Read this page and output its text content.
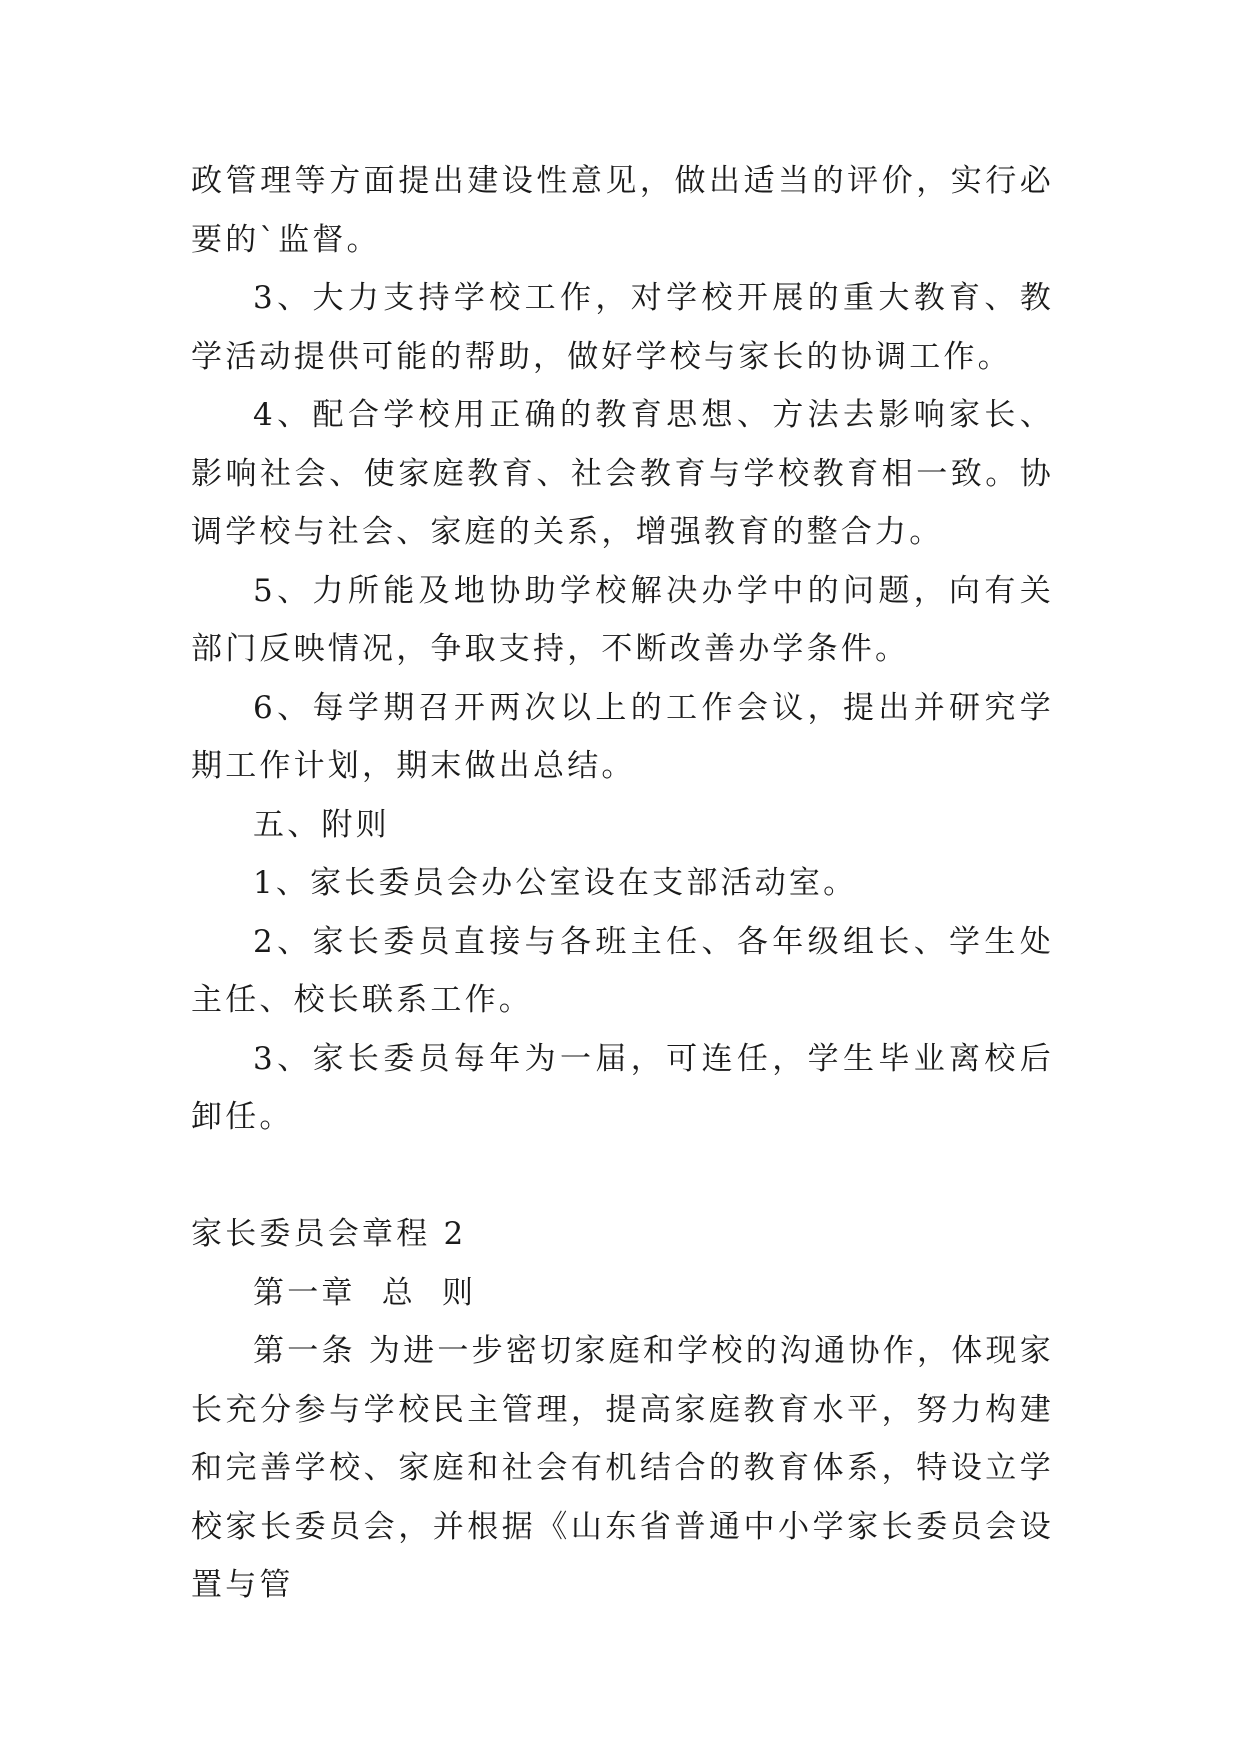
政管理等方面提出建设性意见，做出适当的评价，实行必要的`监督。

3、大力支持学校工作，对学校开展的重大教育、教学活动提供可能的帮助，做好学校与家长的协调工作。

4、配合学校用正确的教育思想、方法去影响家长、影响社会、使家庭教育、社会教育与学校教育相一致。协调学校与社会、家庭的关系，增强教育的整合力。

5、力所能及地协助学校解决办学中的问题，向有关部门反映情况，争取支持，不断改善办学条件。

6、每学期召开两次以上的工作会议，提出并研究学期工作计划，期末做出总结。

五、附则

1、家长委员会办公室设在支部活动室。

2、家长委员直接与各班主任、各年级组长、学生处主任、校长联系工作。

3、家长委员每年为一届，可连任，学生毕业离校后卸任。

家长委员会章程 2

第一章  总  则

第一条 为进一步密切家庭和学校的沟通协作，体现家长充分参与学校民主管理，提高家庭教育水平，努力构建和完善学校、家庭和社会有机结合的教育体系，特设立学校家长委员会，并根据《山东省普通中小学家长委员会设置与管
